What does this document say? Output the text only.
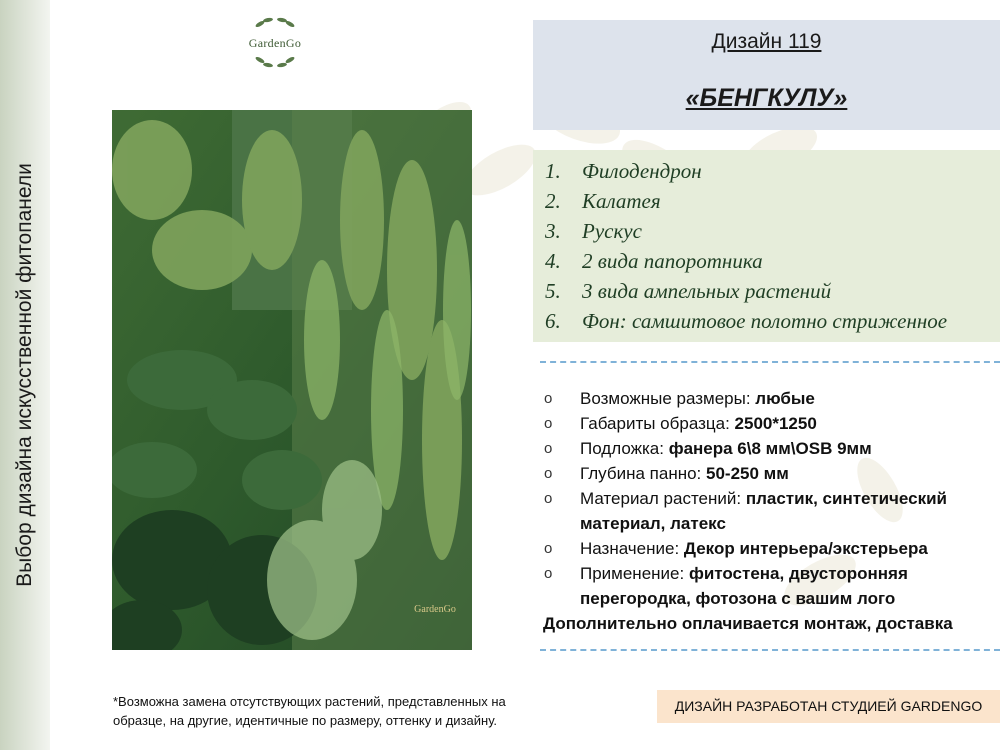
Выбор дизайна искусственной фитопанели
GardenGo
GardenGo
Дизайн 119
«БЕНГКУЛУ»
1.	Филодендрон
2.	Калатея
3.	Рускус
4.	2 вида папоротника
5.	3 вида ампельных растений
6.	Фон: самшитовое полотно стриженное
o Возможные размеры: любые
o Габариты образца: 2500*1250
o Подложка: фанера 6\8 мм\OSB 9мм
o Глубина панно: 50-250 мм
o Материал растений: пластик, синтетический материал, латекс
o Назначение: Декор интерьера/экстерьера
o Применение: фитостена, двусторонняя перегородка, фотозона с вашим лого
Дополнительно оплачивается монтаж, доставка
*Возможна замена отсутствующих растений, представленных на образце, на другие, идентичные по размеру, оттенку и дизайну.
ДИЗАЙН РАЗРАБОТАН СТУДИЕЙ GARDENGO
